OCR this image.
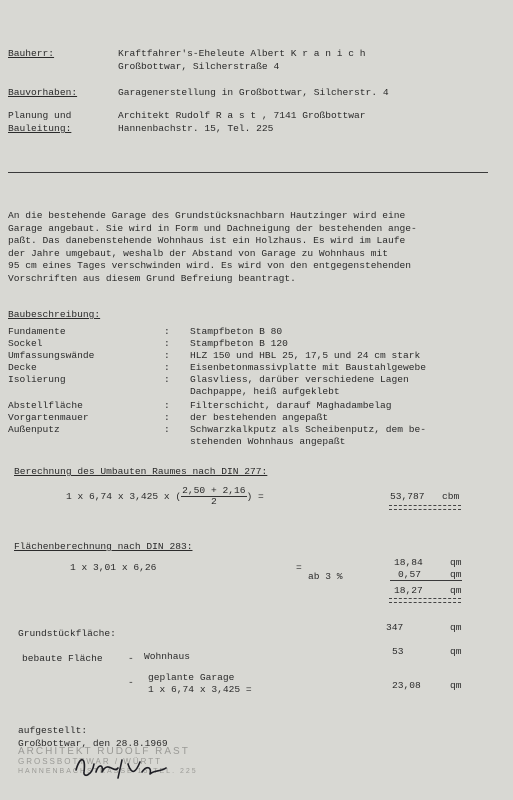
Bauherr:	Kraftfahrer's-Eheleute Albert K r a n i c h
Großbottwar, Silcherstraße 4
Bauvorhaben:	Garagenerstellung in Großbottwar, Silcherstr. 4
Planung und
Bauleitung:
Architekt Rudolf R a s t , 7141 Großbottwar
Hannenbachstr. 15, Tel. 225
An die bestehende Garage des Grundstücksnachbarn Hautzinger wird eine
Garage angebaut. Sie wird in Form und Dachneigung der bestehenden ange-
paßt. Das danebenstehende Wohnhaus ist ein Holzhaus. Es wird im Laufe
der Jahre umgebaut, weshalb der Abstand von Garage zu Wohnhaus mit
95 cm eines Tages verschwinden wird. Es wird von den entgegenstehenden
Vorschriften aus diesem Grund Befreiung beantragt.
Baubeschreibung:
Fundamente	: Stampfbeton B 80
Sockel	: Stampfbeton B 120
Umfassungswände	: HLZ 150 und HBL 25, 17,5 und 24 cm stark
Decke	: Eisenbetonmassivplatte mit Baustahlgewebe
Isolierung	: Glasvliess, darüber verschiedene Lagen
Dachpappe, heiß aufgeklebt
Abstellfläche	: Filterschicht, darauf Maghadambelag
Vorgartenmauer	: der bestehenden angepaßt
Außenputz	: Schwarzkalkputz als Scheibenputz, dem be-
stehenden Wohnhaus angepaßt
Berechnung des Umbauten Raumes nach DIN 277:
1 x 6,74 x 3,425 x ( $\frac{2,50 + 2,16}{2}$ ) =	53,787 cbm
Flächenberechnung nach DIN 283:
1 x 3,01 x 6,26	=
ab 3 %
18,84	qm
0,57	qm
18,27	qm
Grundstückfläche:
347	qm
bebaute Fläche	- Wohnhaus	53	qm
- geplante Garage
1 x 6,74 x 3,425 =	23,08	qm
aufgestellt:
Großbottwar, den 28.8.1969
ARCHITEKT RUDOLF RAST
GROSSBOTTWAR / WÜRTT
HANNENBACHSTRASSE 15 TEL. 225
